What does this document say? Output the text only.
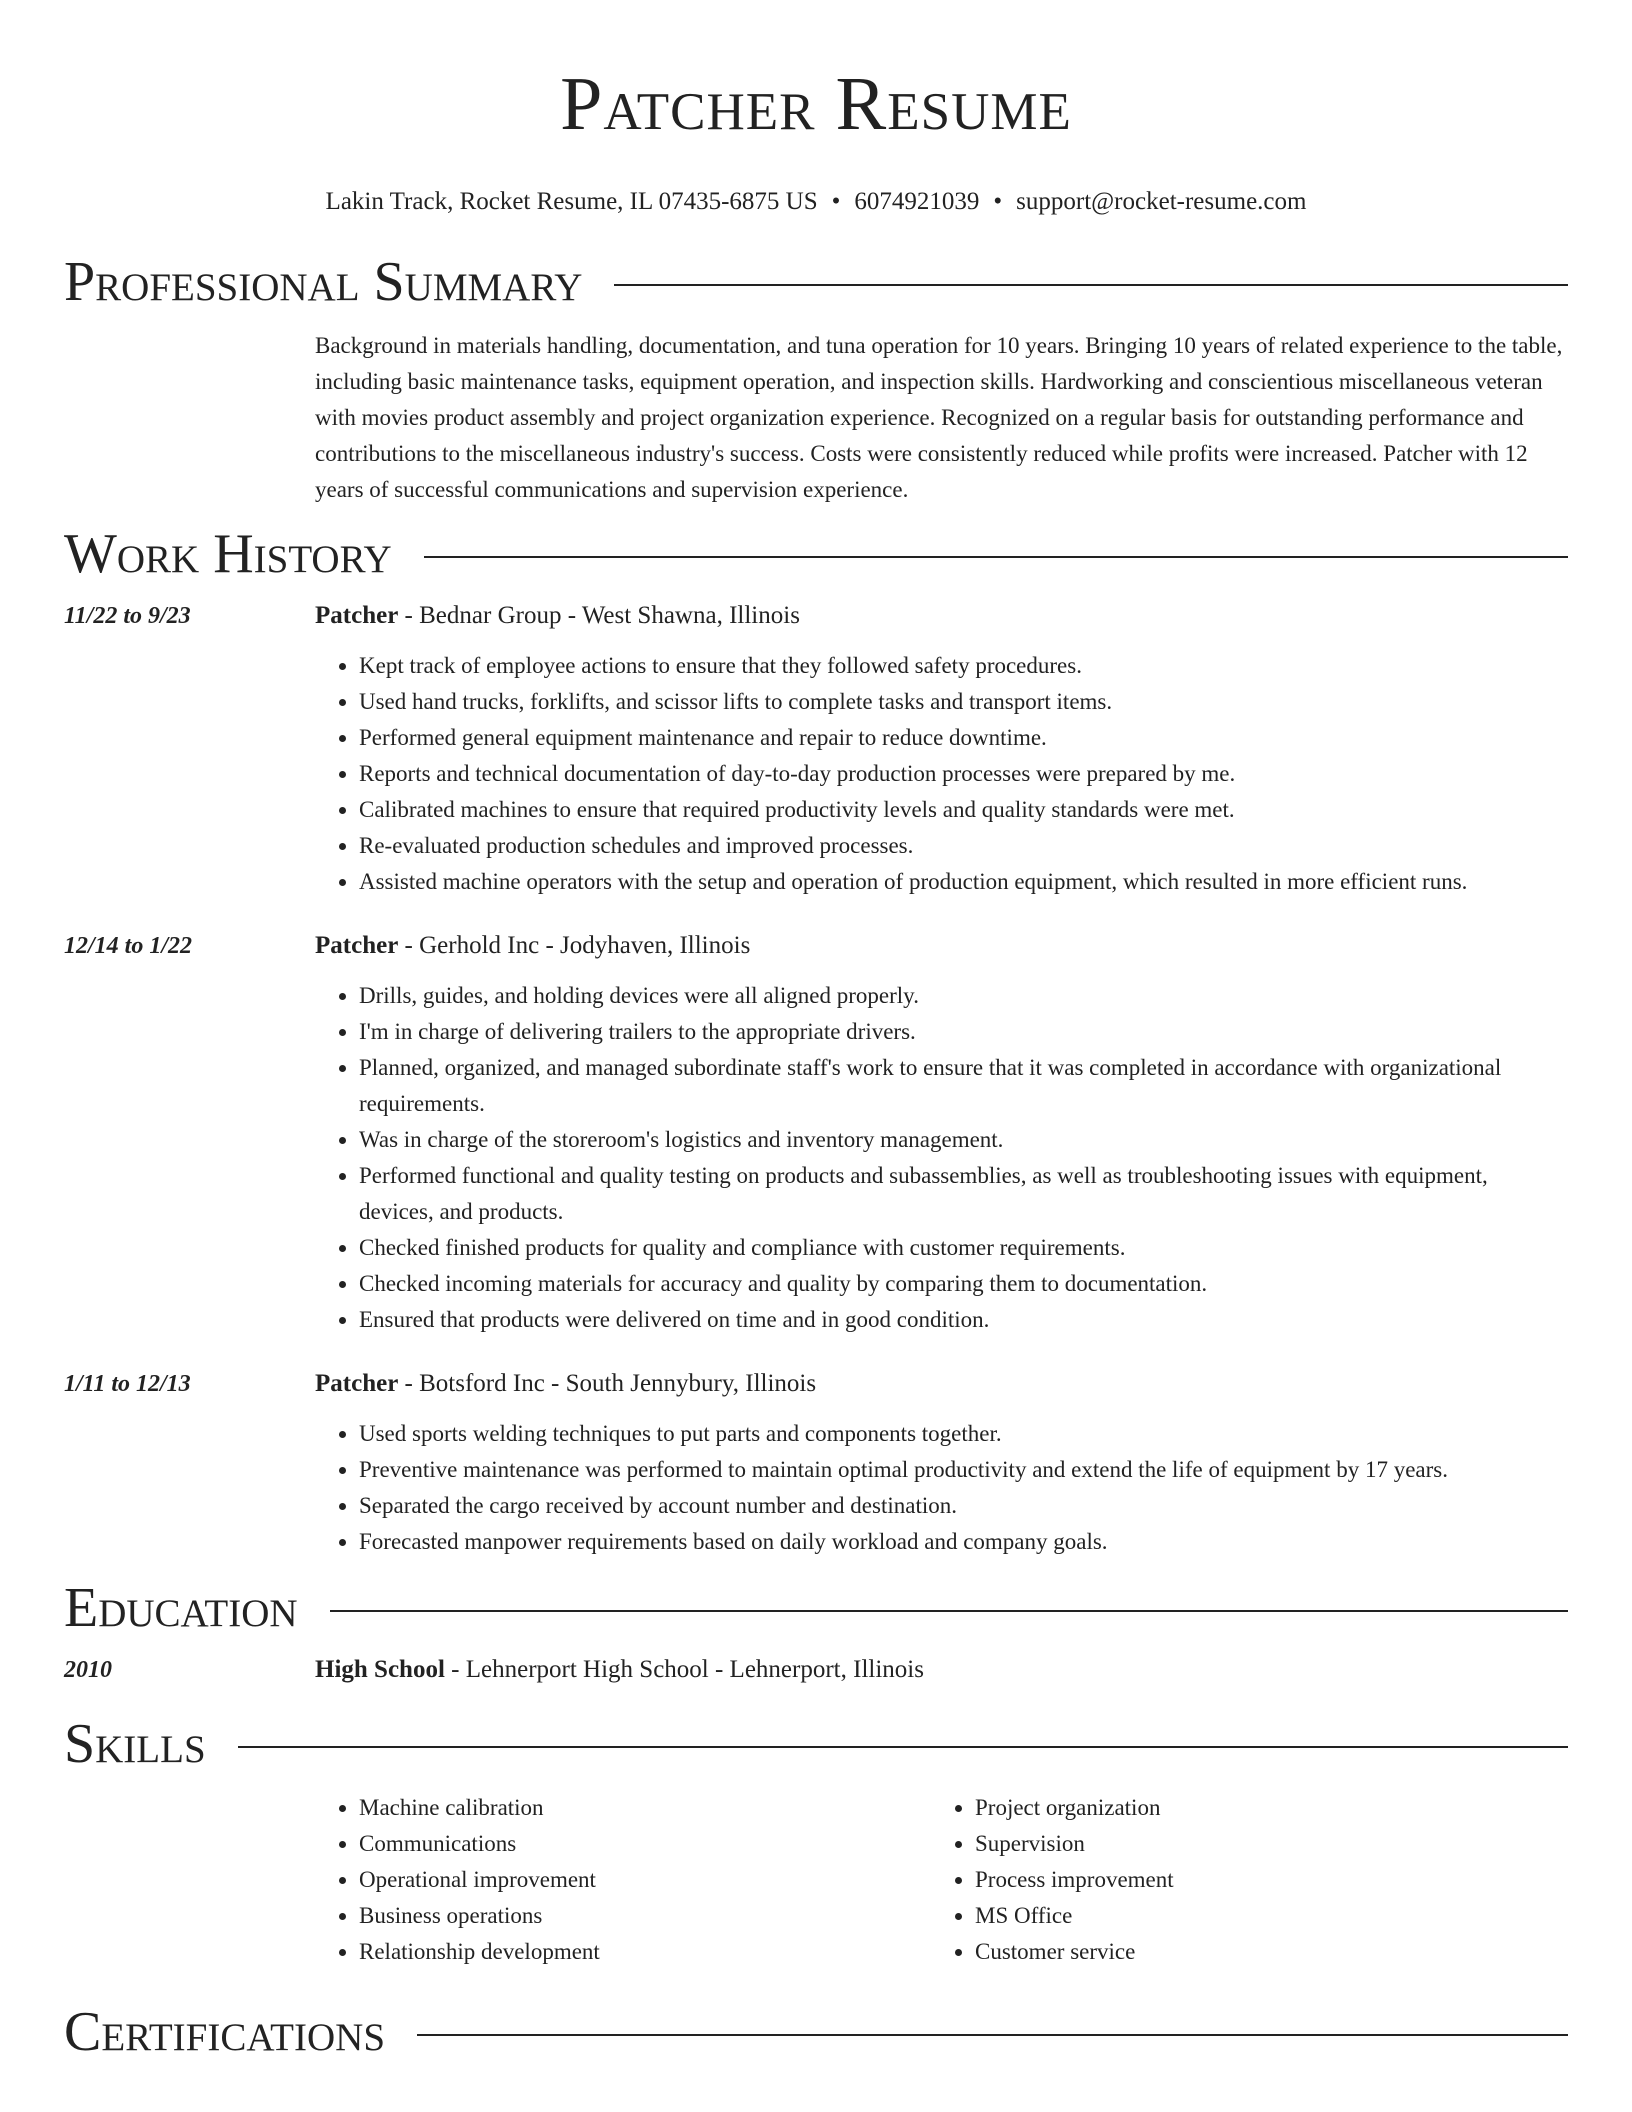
Patcher Resume
Lakin Track, Rocket Resume, IL 07435-6875 US • 6074921039 • support@rocket-resume.com
Professional Summary
Background in materials handling, documentation, and tuna operation for 10 years. Bringing 10 years of related experience to the table, including basic maintenance tasks, equipment operation, and inspection skills. Hardworking and conscientious miscellaneous veteran with movies product assembly and project organization experience. Recognized on a regular basis for outstanding performance and contributions to the miscellaneous industry's success. Costs were consistently reduced while profits were increased. Patcher with 12 years of successful communications and supervision experience.
Work History
11/22 to 9/23	Patcher - Bednar Group - West Shawna, Illinois
• Kept track of employee actions to ensure that they followed safety procedures.
• Used hand trucks, forklifts, and scissor lifts to complete tasks and transport items.
• Performed general equipment maintenance and repair to reduce downtime.
• Reports and technical documentation of day-to-day production processes were prepared by me.
• Calibrated machines to ensure that required productivity levels and quality standards were met.
• Re-evaluated production schedules and improved processes.
• Assisted machine operators with the setup and operation of production equipment, which resulted in more efficient runs.
12/14 to 1/22	Patcher - Gerhold Inc - Jodyhaven, Illinois
• Drills, guides, and holding devices were all aligned properly.
• I'm in charge of delivering trailers to the appropriate drivers.
• Planned, organized, and managed subordinate staff's work to ensure that it was completed in accordance with organizational requirements.
• Was in charge of the storeroom's logistics and inventory management.
• Performed functional and quality testing on products and subassemblies, as well as troubleshooting issues with equipment, devices, and products.
• Checked finished products for quality and compliance with customer requirements.
• Checked incoming materials for accuracy and quality by comparing them to documentation.
• Ensured that products were delivered on time and in good condition.
1/11 to 12/13	Patcher - Botsford Inc - South Jennybury, Illinois
• Used sports welding techniques to put parts and components together.
• Preventive maintenance was performed to maintain optimal productivity and extend the life of equipment by 17 years.
• Separated the cargo received by account number and destination.
• Forecasted manpower requirements based on daily workload and company goals.
Education
2010	High School - Lehnerport High School - Lehnerport, Illinois
Skills
• Machine calibration
• Communications
• Operational improvement
• Business operations
• Relationship development
• Project organization
• Supervision
• Process improvement
• MS Office
• Customer service
Certifications
